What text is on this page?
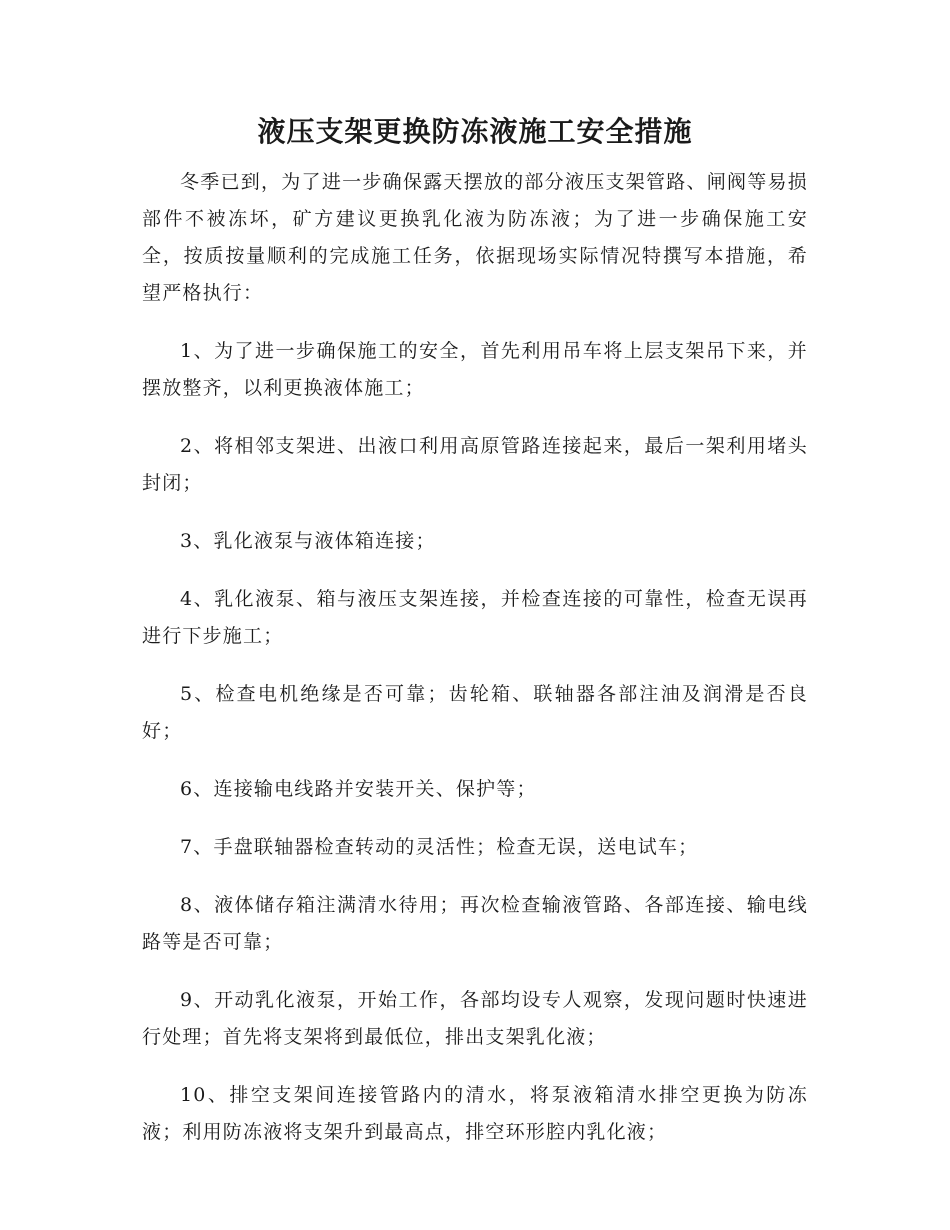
液压支架更换防冻液施工安全措施

冬季已到，为了进一步确保露天摆放的部分液压支架管路、闸阀等易损部件不被冻坏，矿方建议更换乳化液为防冻液；为了进一步确保施工安全，按质按量顺利的完成施工任务，依据现场实际情况特撰写本措施，希望严格执行：

1、为了进一步确保施工的安全，首先利用吊车将上层支架吊下来，并摆放整齐，以利更换液体施工；

2、将相邻支架进、出液口利用高原管路连接起来，最后一架利用堵头封闭；

3、乳化液泵与液体箱连接；

4、乳化液泵、箱与液压支架连接，并检查连接的可靠性，检查无误再进行下步施工；

5、检查电机绝缘是否可靠；齿轮箱、联轴器各部注油及润滑是否良好；

6、连接输电线路并安装开关、保护等；

7、手盘联轴器检查转动的灵活性；检查无误，送电试车；

8、液体储存箱注满清水待用；再次检查输液管路、各部连接、输电线路等是否可靠；

9、开动乳化液泵，开始工作，各部均设专人观察，发现问题时快速进行处理；首先将支架将到最低位，排出支架乳化液；

10、排空支架间连接管路内的清水，将泵液箱清水排空更换为防冻液；利用防冻液将支架升到最高点，排空环形腔内乳化液；
